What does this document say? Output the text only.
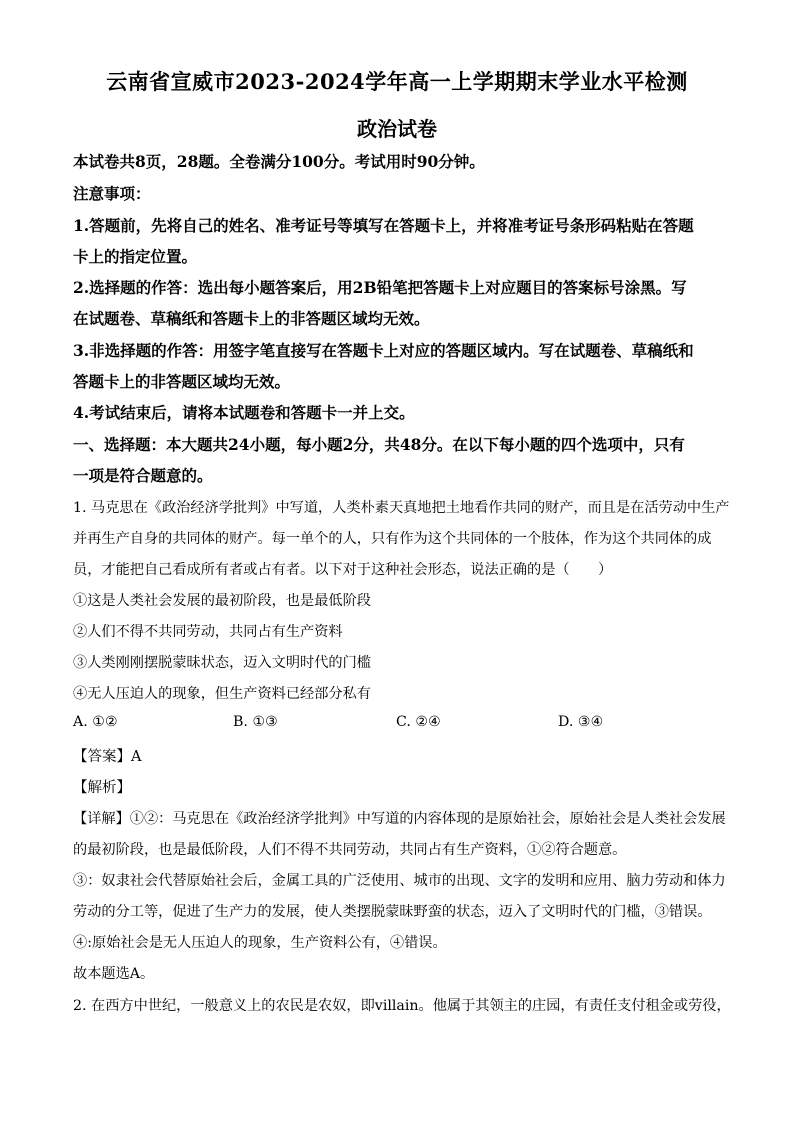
云南省宣威市2023-2024学年高一上学期期末学业水平检测
政治试卷
本试卷共8页，28题。全卷满分100分。考试用时90分钟。
注意事项：
1.答题前，先将自己的姓名、准考证号等填写在答题卡上，并将准考证号条形码粘贴在答题
卡上的指定位置。
2.选择题的作答：选出每小题答案后，用2B铅笔把答题卡上对应题目的答案标号涂黑。写
在试题卷、草稿纸和答题卡上的非答题区域均无效。
3.非选择题的作答：用签字笔直接写在答题卡上对应的答题区域内。写在试题卷、草稿纸和
答题卡上的非答题区域均无效。
4.考试结束后，请将本试题卷和答题卡一并上交。
一、选择题：本大题共24小题，每小题2分，共48分。在以下每小题的四个选项中，只有
一项是符合题意的。
1. 马克思在《政治经济学批判》中写道，人类朴素天真地把土地看作共同的财产，而且是在活劳动中生产
并再生产自身的共同体的财产。每一单个的人，只有作为这个共同体的一个肢体，作为这个共同体的成
员，才能把自己看成所有者或占有者。以下对于这种社会形态，说法正确的是（　　）
①这是人类社会发展的最初阶段，也是最低阶段
②人们不得不共同劳动，共同占有生产资料
③人类刚刚摆脱蒙昧状态，迈入文明时代的门槛
④无人压迫人的现象，但生产资料已经部分私有
A. ①②	B. ①③	C. ②④	D. ③④
【答案】A
【解析】
【详解】①②：马克思在《政治经济学批判》中写道的内容体现的是原始社会，原始社会是人类社会发展
的最初阶段，也是最低阶段，人们不得不共同劳动，共同占有生产资料，①②符合题意。
③：奴隶社会代替原始社会后，金属工具的广泛使用、城市的出现、文字的发明和应用、脑力劳动和体力
劳动的分工等，促进了生产力的发展，使人类摆脱蒙昧野蛮的状态，迈入了文明时代的门槛，③错误。
④:原始社会是无人压迫人的现象，生产资料公有，④错误。
故本题选A。
2. 在西方中世纪，一般意义上的农民是农奴，即villain。他属于其领主的庄园，有责任支付租金或劳役，
